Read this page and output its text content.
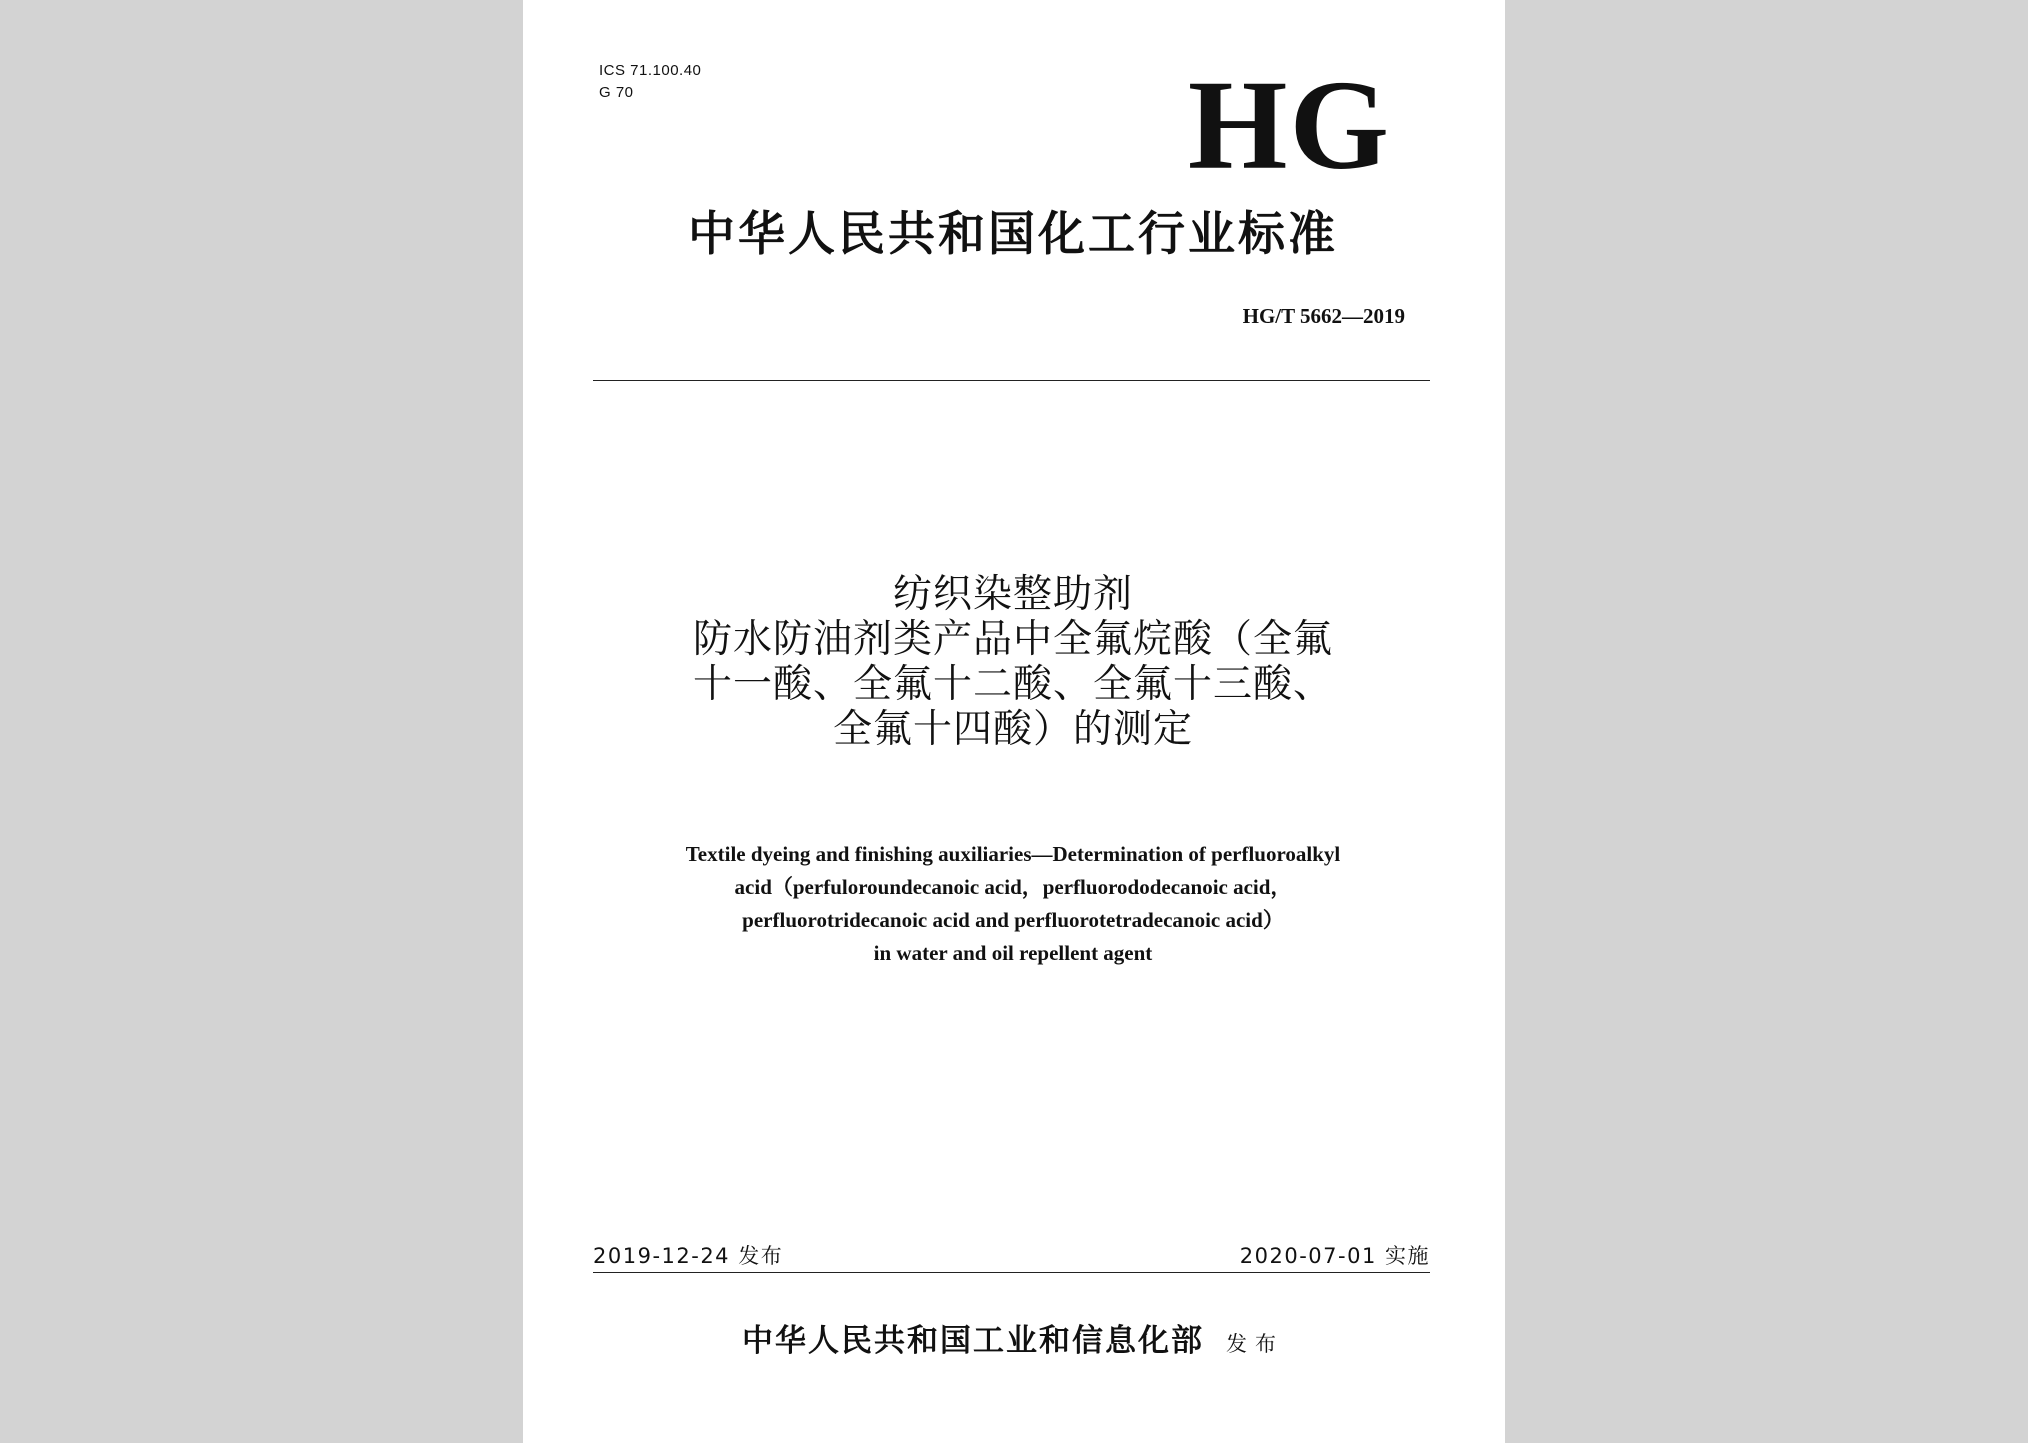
ICS 71.100.40
G 70	HG
中华人民共和国化工行业标准
HG/T 5662—2019
纺织染整助剂
防水防油剂类产品中全氟烷酸（全氟
十一酸、全氟十二酸、全氟十三酸、
全氟十四酸）的测定
Textile dyeing and finishing auxiliaries—Determination of perfluoroalkyl
acid（perfuloroundecanoic acid，perfluorododecanoic acid，
perfluorotridecanoic acid and perfluorotetradecanoic acid）
in water and oil repellent agent
2019-12-24 发布	2020-07-01 实施
中华人民共和国工业和信息化部 发布
